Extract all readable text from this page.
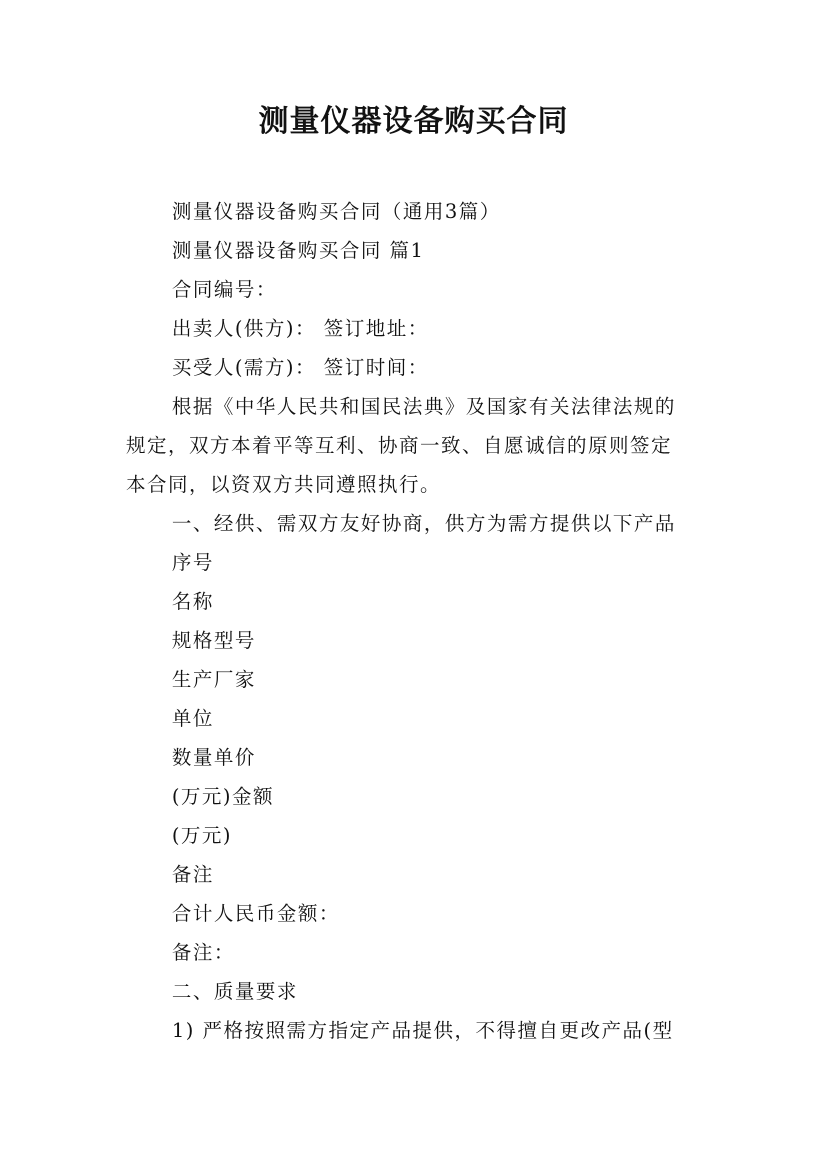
测量仪器设备购买合同

测量仪器设备购买合同（通用3篇）

测量仪器设备购买合同 篇1

合同编号：

出卖人(供方)： 签订地址：

买受人(需方)： 签订时间：

根据《中华人民共和国民法典》及国家有关法律法规的

规定，双方本着平等互利、协商一致、自愿诚信的原则签定

本合同，以资双方共同遵照执行。

一、经供、需双方友好协商，供方为需方提供以下产品

序号

名称

规格型号

生产厂家

单位

数量单价

(万元)金额

(万元)

备注

合计人民币金额：

备注：

二、质量要求

1) 严格按照需方指定产品提供，不得擅自更改产品(型
